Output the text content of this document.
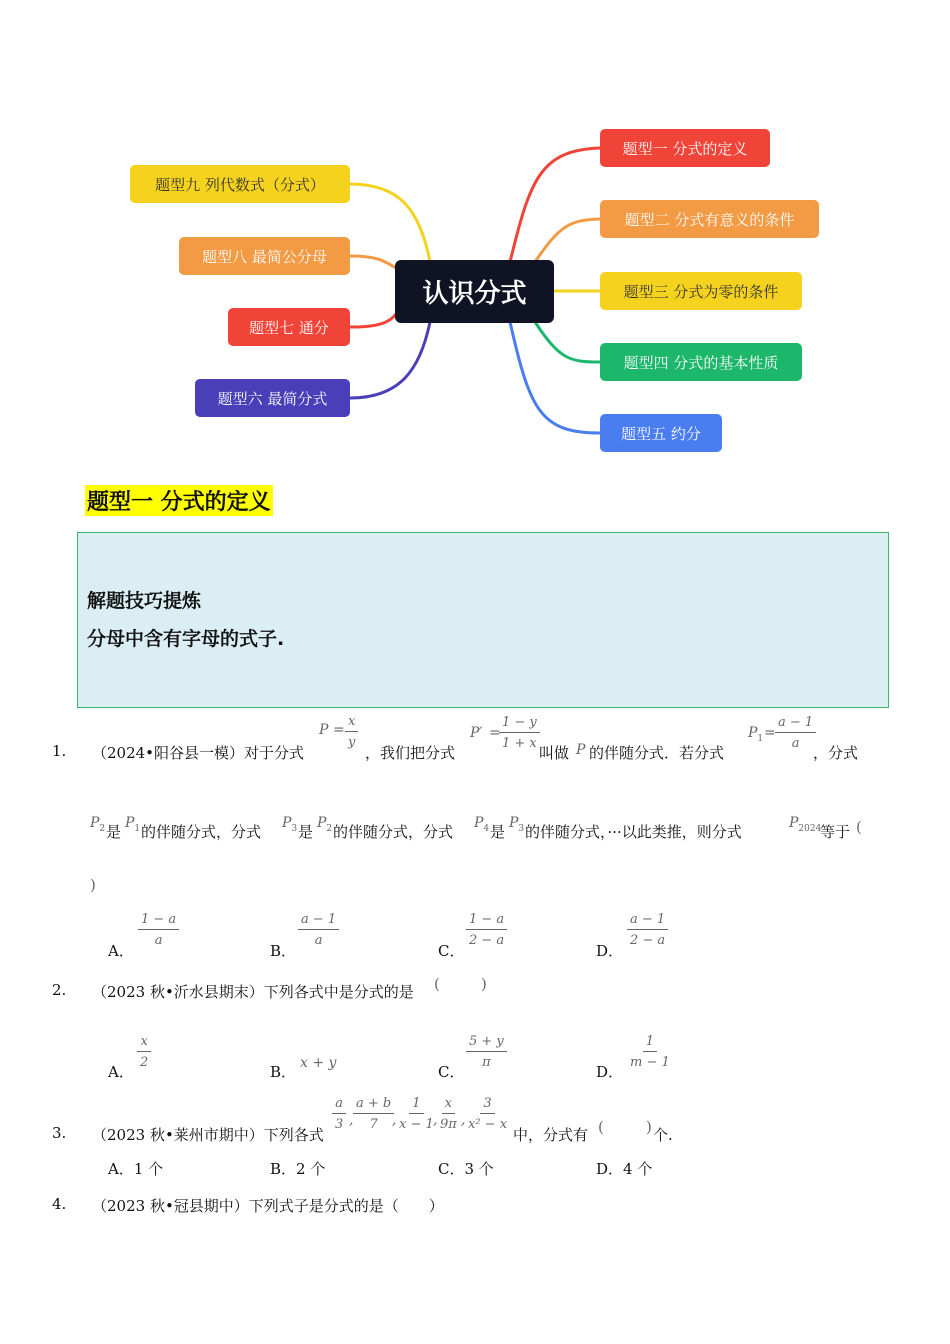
认识分式
题型一 分式的定义
题型二 分式有意义的条件
题型三 分式为零的条件
题型四 分式的基本性质
题型五 约分
题型六 最简分式
题型七 通分
题型八 最简公分母
题型九 列代数式（分式）
题型一 分式的定义
解题技巧提炼
分母中含有字母的式子.
1. （2024•阳谷县一模）对于分式
$P = \frac{x}{y}$
，我们把分式
P′ =
$\frac{1 - y}{1 + x}$
叫做 P 的伴随分式．若分式
$P_1 = \frac{a - 1}{a}$
，分式
$P_2$ 是 $P_1$ 的伴随分式，分式 $P_3$ 是 $P_2$ 的伴随分式，分式 $P_4$ 是 $P_3$ 的伴随分式，···以此类推，则分式	$P_{2024}$
等于 (
)
A．
$\frac{1 - a}{a}$
B．
$\frac{a - 1}{a}$
C．
$\frac{1 - a}{2 - a}$
D．
$\frac{a - 1}{2 - a}$
2. （2023 秋•沂水县期末）下列各式中是分式的是 (	)
A．
$\frac{x}{2}$
B． x + y	C．
$\frac{5 + y}{\pi}$
D．
$\frac{1}{m - 1}$
3. （2023 秋•莱州市期中）下列各式
$\frac{a}{3}$ , $\frac{a + b}{7}$
, $\frac{1}{x - 1}$
, $\frac{x}{9\pi}$ , $\frac{3}{\text{x² − x}}$
中，分式有 (	) 个.
A．1 个	B．2 个	C．3 个	D．4 个
4. （2023 秋•冠县期中）下列式子是分式的是（　　）
